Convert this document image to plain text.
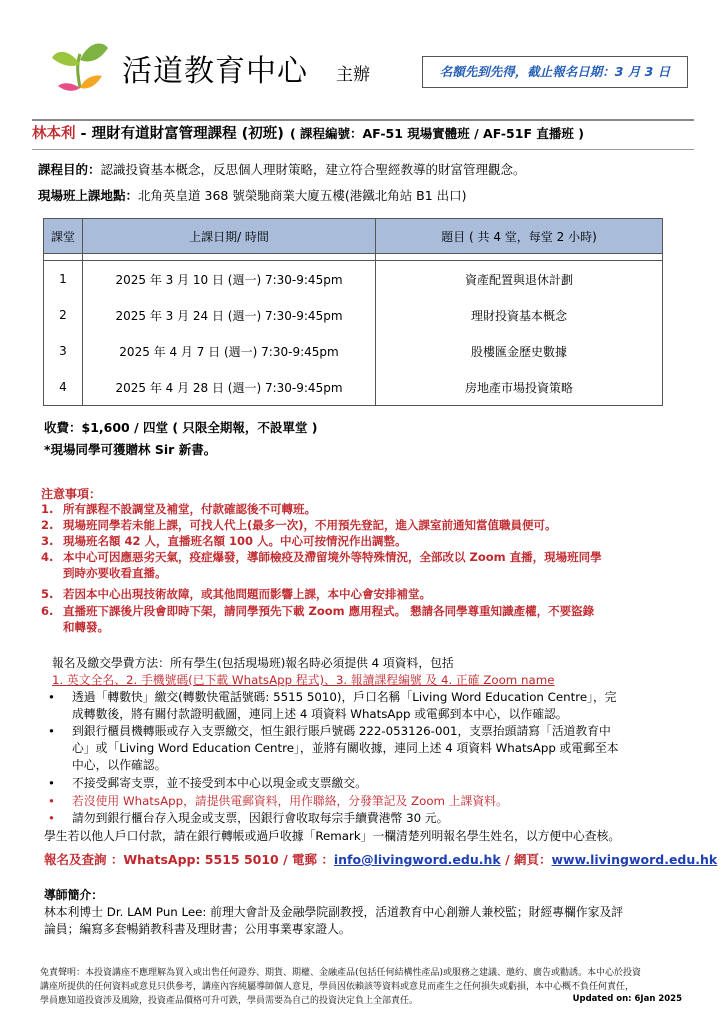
活道教育中心 主辦	名額先到先得，截止報名日期：3 月 3 日
林本利 - 理財有道財富管理課程 (初班) ( 課程編號：AF-51 現場實體班 / AF-51F 直播班 )
課程目的：認識投資基本概念，反思個人理財策略，建立符合聖經教導的財富管理觀念。
現場班上課地點：北角英皇道 368 號榮馳商業大廈五樓(港鐵北角站 B1 出口)
課堂	上課日期/ 時間	題目 ( 共 4 堂，每堂 2 小時)

1	2025 年 3 月 10 日 (週一) 7:30-9:45pm	資產配置與退休計劃
2	2025 年 3 月 24 日 (週一) 7:30-9:45pm	理財投資基本概念
3	2025 年 4 月 7 日 (週一) 7:30-9:45pm	股樓匯金歷史數據
4	2025 年 4 月 28 日 (週一) 7:30-9:45pm	房地產市場投資策略
收費：$1,600 / 四堂 ( 只限全期報，不設單堂 )
*現場同學可獲贈林 Sir 新書。
注意事項：
1. 所有課程不設調堂及補堂，付款確認後不可轉班。
2. 現場班同學若未能上課，可找人代上(最多一次)，不用預先登記，進入課室前通知當值職員便可。
3. 現場班名額 42 人，直播班名額 100 人。中心可按情況作出調整。
4. 本中心可因應惡劣天氣，疫症爆發，導師檢疫及滯留境外等特殊情況，全部改以 Zoom 直播，現場班同學
到時亦要收看直播。
5. 若因本中心出現技術故障，或其他問題而影響上課，本中心會安排補堂。
6. 直播班下課後片段會即時下架，請同學預先下載 Zoom 應用程式。 懇請各同學尊重知識產權，不要盜錄
和轉發。
報名及繳交學費方法：所有學生(包括現場班)報名時必須提供 4 項資料，包括
1. 英文全名、2. 手機號碼(已下載 WhatsApp 程式)、3. 報讀課程編號 及 4. 正確 Zoom name
• 透過「轉數快」繳交(轉數快電話號碼: 5515 5010)，戶口名稱「Living Word Education Centre」，完
成轉數後，將有關付款證明截圖，連同上述 4 項資料 WhatsApp 或電郵到本中心，以作確認。
• 到銀行櫃員機轉賬或存入支票繳交，恒生銀行賬戶號碼 222-053126-001，支票抬頭請寫「活道教育中
心」或「Living Word Education Centre」，並將有關收據，連同上述 4 項資料 WhatsApp 或電郵至本
中心，以作確認。
• 不接受郵寄支票，並不接受到本中心以現金或支票繳交。
• 若沒使用 WhatsApp，請提供電郵資料，用作聯絡，分發筆記及 Zoom 上課資料。
• 請勿到銀行櫃台存入現金或支票，因銀行會收取每宗手續費港幣 30 元。
學生若以他人戶口付款，請在銀行轉帳或過戶收據「Remark」一欄清楚列明報名學生姓名，以方便中心查核。
報名及查詢 ：WhatsApp: 5515 5010 / 電郵 ：info@livingword.edu.hk / 網頁：www.livingword.edu.hk
導師簡介：
林本利博士 Dr. LAM Pun Lee: 前理大會計及金融學院副教授，活道教育中心創辦人兼校監；財經專欄作家及評
論員；編寫多套暢銷教科書及理財書；公用事業專家證人。
免責聲明：本投資講座不應理解為買入或出售任何證券、期貨、期權、金融產品(包括任何結構性產品)或服務之建議、邀約、廣告或勸誘。本中心於投資
講座所提供的任何資料或意見只供參考，講座內容純屬導師個人意見，學員因依賴該等資料或意見而產生之任何損失或虧損，本中心概不負任何責任，
學員應知道投資涉及風險，投資產品價格可升可跌，學員需要為自己的投資決定負上全部責任。	Updated on: 6Jan 2025
